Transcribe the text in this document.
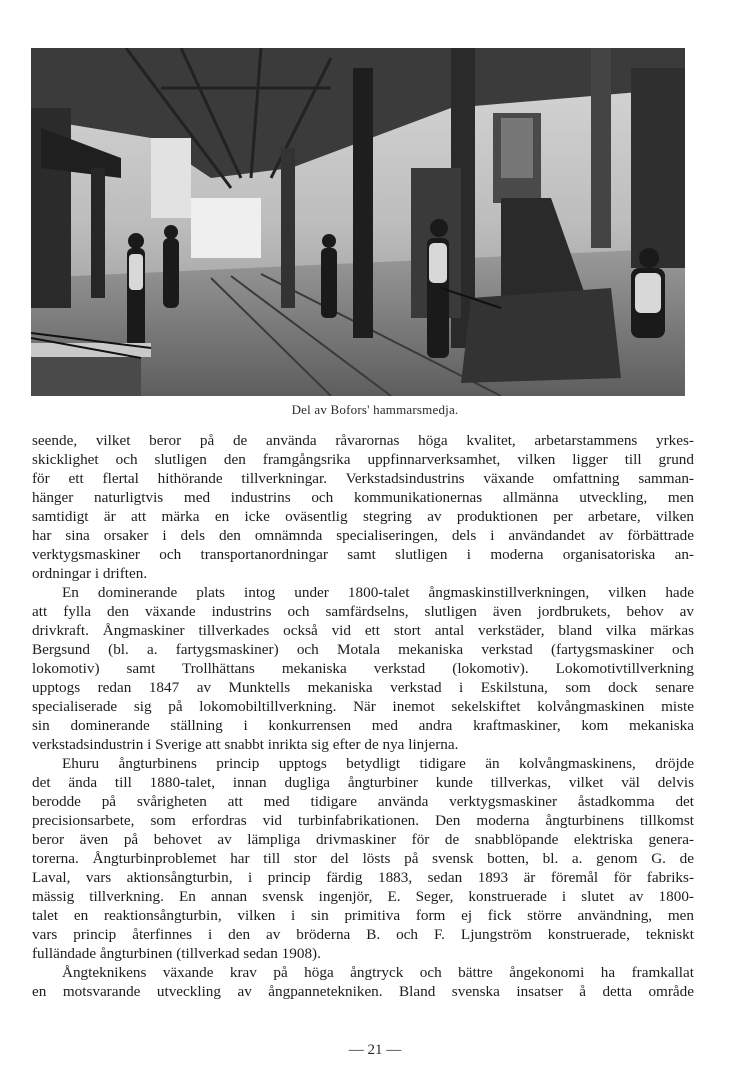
Del av Bofors' hammarsmedja.
seende, vilket beror på de använda råvarornas höga kvalitet, arbetarstammens yrkes-
skicklighet och slutligen den framgångsrika uppfinnarverksamhet, vilken ligger till grund
för ett flertal hithörande tillverkningar. Verkstadsindustrins växande omfattning samman-
hänger naturligtvis med industrins och kommunikationernas allmänna utveckling, men
samtidigt är att märka en icke oväsentlig stegring av produktionen per arbetare, vilken
har sina orsaker i dels den omnämnda specialiseringen, dels i användandet av förbättrade
verktygsmaskiner och transportanordningar samt slutligen i moderna organisatoriska an-
ordningar i driften.
En dominerande plats intog under 1800-talet ångmaskinstillverkningen, vilken hade
att fylla den växande industrins och samfärdselns, slutligen även jordbrukets, behov av
drivkraft. Ångmaskiner tillverkades också vid ett stort antal verkstäder, bland vilka märkas
Bergsund (bl. a. fartygsmaskiner) och Motala mekaniska verkstad (fartygsmaskiner och
lokomotiv) samt Trollhättans mekaniska verkstad (lokomotiv). Lokomotivtillverkning
upptogs redan 1847 av Munktells mekaniska verkstad i Eskilstuna, som dock senare
specialiserade sig på lokomobiltillverkning. När inemot sekelskiftet kolvångmaskinen miste
sin dominerande ställning i konkurrensen med andra kraftmaskiner, kom mekaniska
verkstadsindustrin i Sverige att snabbt inrikta sig efter de nya linjerna.
Ehuru ångturbinens princip upptogs betydligt tidigare än kolvångmaskinens, dröjde
det ända till 1880-talet, innan dugliga ångturbiner kunde tillverkas, vilket väl delvis
berodde på svårigheten att med tidigare använda verktygsmaskiner åstadkomma det
precisionsarbete, som erfordras vid turbinfabrikationen. Den moderna ångturbinens tillkomst
beror även på behovet av lämpliga drivmaskiner för de snabblöpande elektriska genera-
torerna. Ångturbinproblemet har till stor del lösts på svensk botten, bl. a. genom G. de
Laval, vars aktionsångturbin, i princip färdig 1883, sedan 1893 är föremål för fabriks-
mässig tillverkning. En annan svensk ingenjör, E. Seger, konstruerade i slutet av 1800-
talet en reaktionsångturbin, vilken i sin primitiva form ej fick större användning, men
vars princip återfinnes i den av bröderna B. och F. Ljungström konstruerade, tekniskt
fulländade ångturbinen (tillverkad sedan 1908).
Ångteknikens växande krav på höga ångtryck och bättre ångekonomi ha framkallat
en motsvarande utveckling av ångpannetekniken. Bland svenska insatser å detta område
— 21 —
